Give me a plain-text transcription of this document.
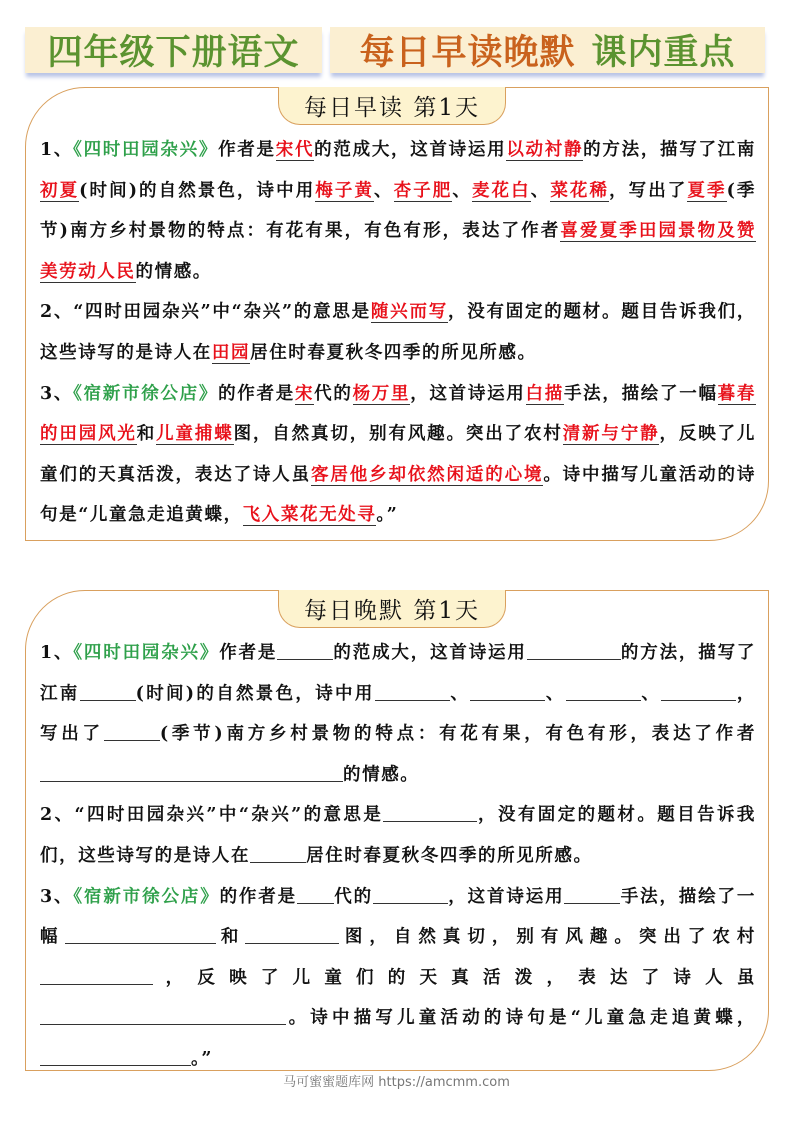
四年级下册语文 每日早读晚默 课内重点
每日早读 第1天

1、《四时田园杂兴》作者是宋代的范成大，这首诗运用以动衬静的方法，描写了江南初夏(时间)的自然景色，诗中用梅子黄、杏子肥、麦花白、菜花稀，写出了夏季(季节)南方乡村景物的特点：有花有果，有色有形，表达了作者喜爱夏季田园景物及赞美劳动人民的情感。

2、“四时田园杂兴”中“杂兴”的意思是随兴而写，没有固定的题材。题目告诉我们，这些诗写的是诗人在田园居住时春夏秋冬四季的所见所感。

3、《宿新市徐公店》的作者是宋代的杨万里，这首诗运用白描手法，描绘了一幅暮春的田园风光和儿童捕蝶图，自然真切，别有风趣。突出了农村清新与宁静，反映了儿童们的天真活泼，表达了诗人虽客居他乡却依然闲适的心境。诗中描写儿童活动的诗句是“儿童急走追黄蝶，飞入菜花无处寻。”

每日晚默 第1天

1、《四时田园杂兴》作者是	的范成大，这首诗运用	的方法，描写了江南	(时间)的自然景色，诗中用	、	、	、	，写出了	(季节)南方乡村景物的特点：有花有果，有色有形，表达了作者的情感。

2、“四时田园杂兴”中“杂兴”的意思是	，没有固定的题材。题目告诉我们，这些诗写的是诗人在	居住时春夏秋冬四季的所见所感。

3、《宿新市徐公店》的作者是 代的	，这首诗运用	手法，描绘了一幅	和	图，自然真切，别有风趣。突出了农村，反映了儿童们的天真活泼，表达了诗人虽。诗中描写儿童活动的诗句是“儿童急走追黄蝶，。”

马可蜜蜜题库网 https://amcmm.com
